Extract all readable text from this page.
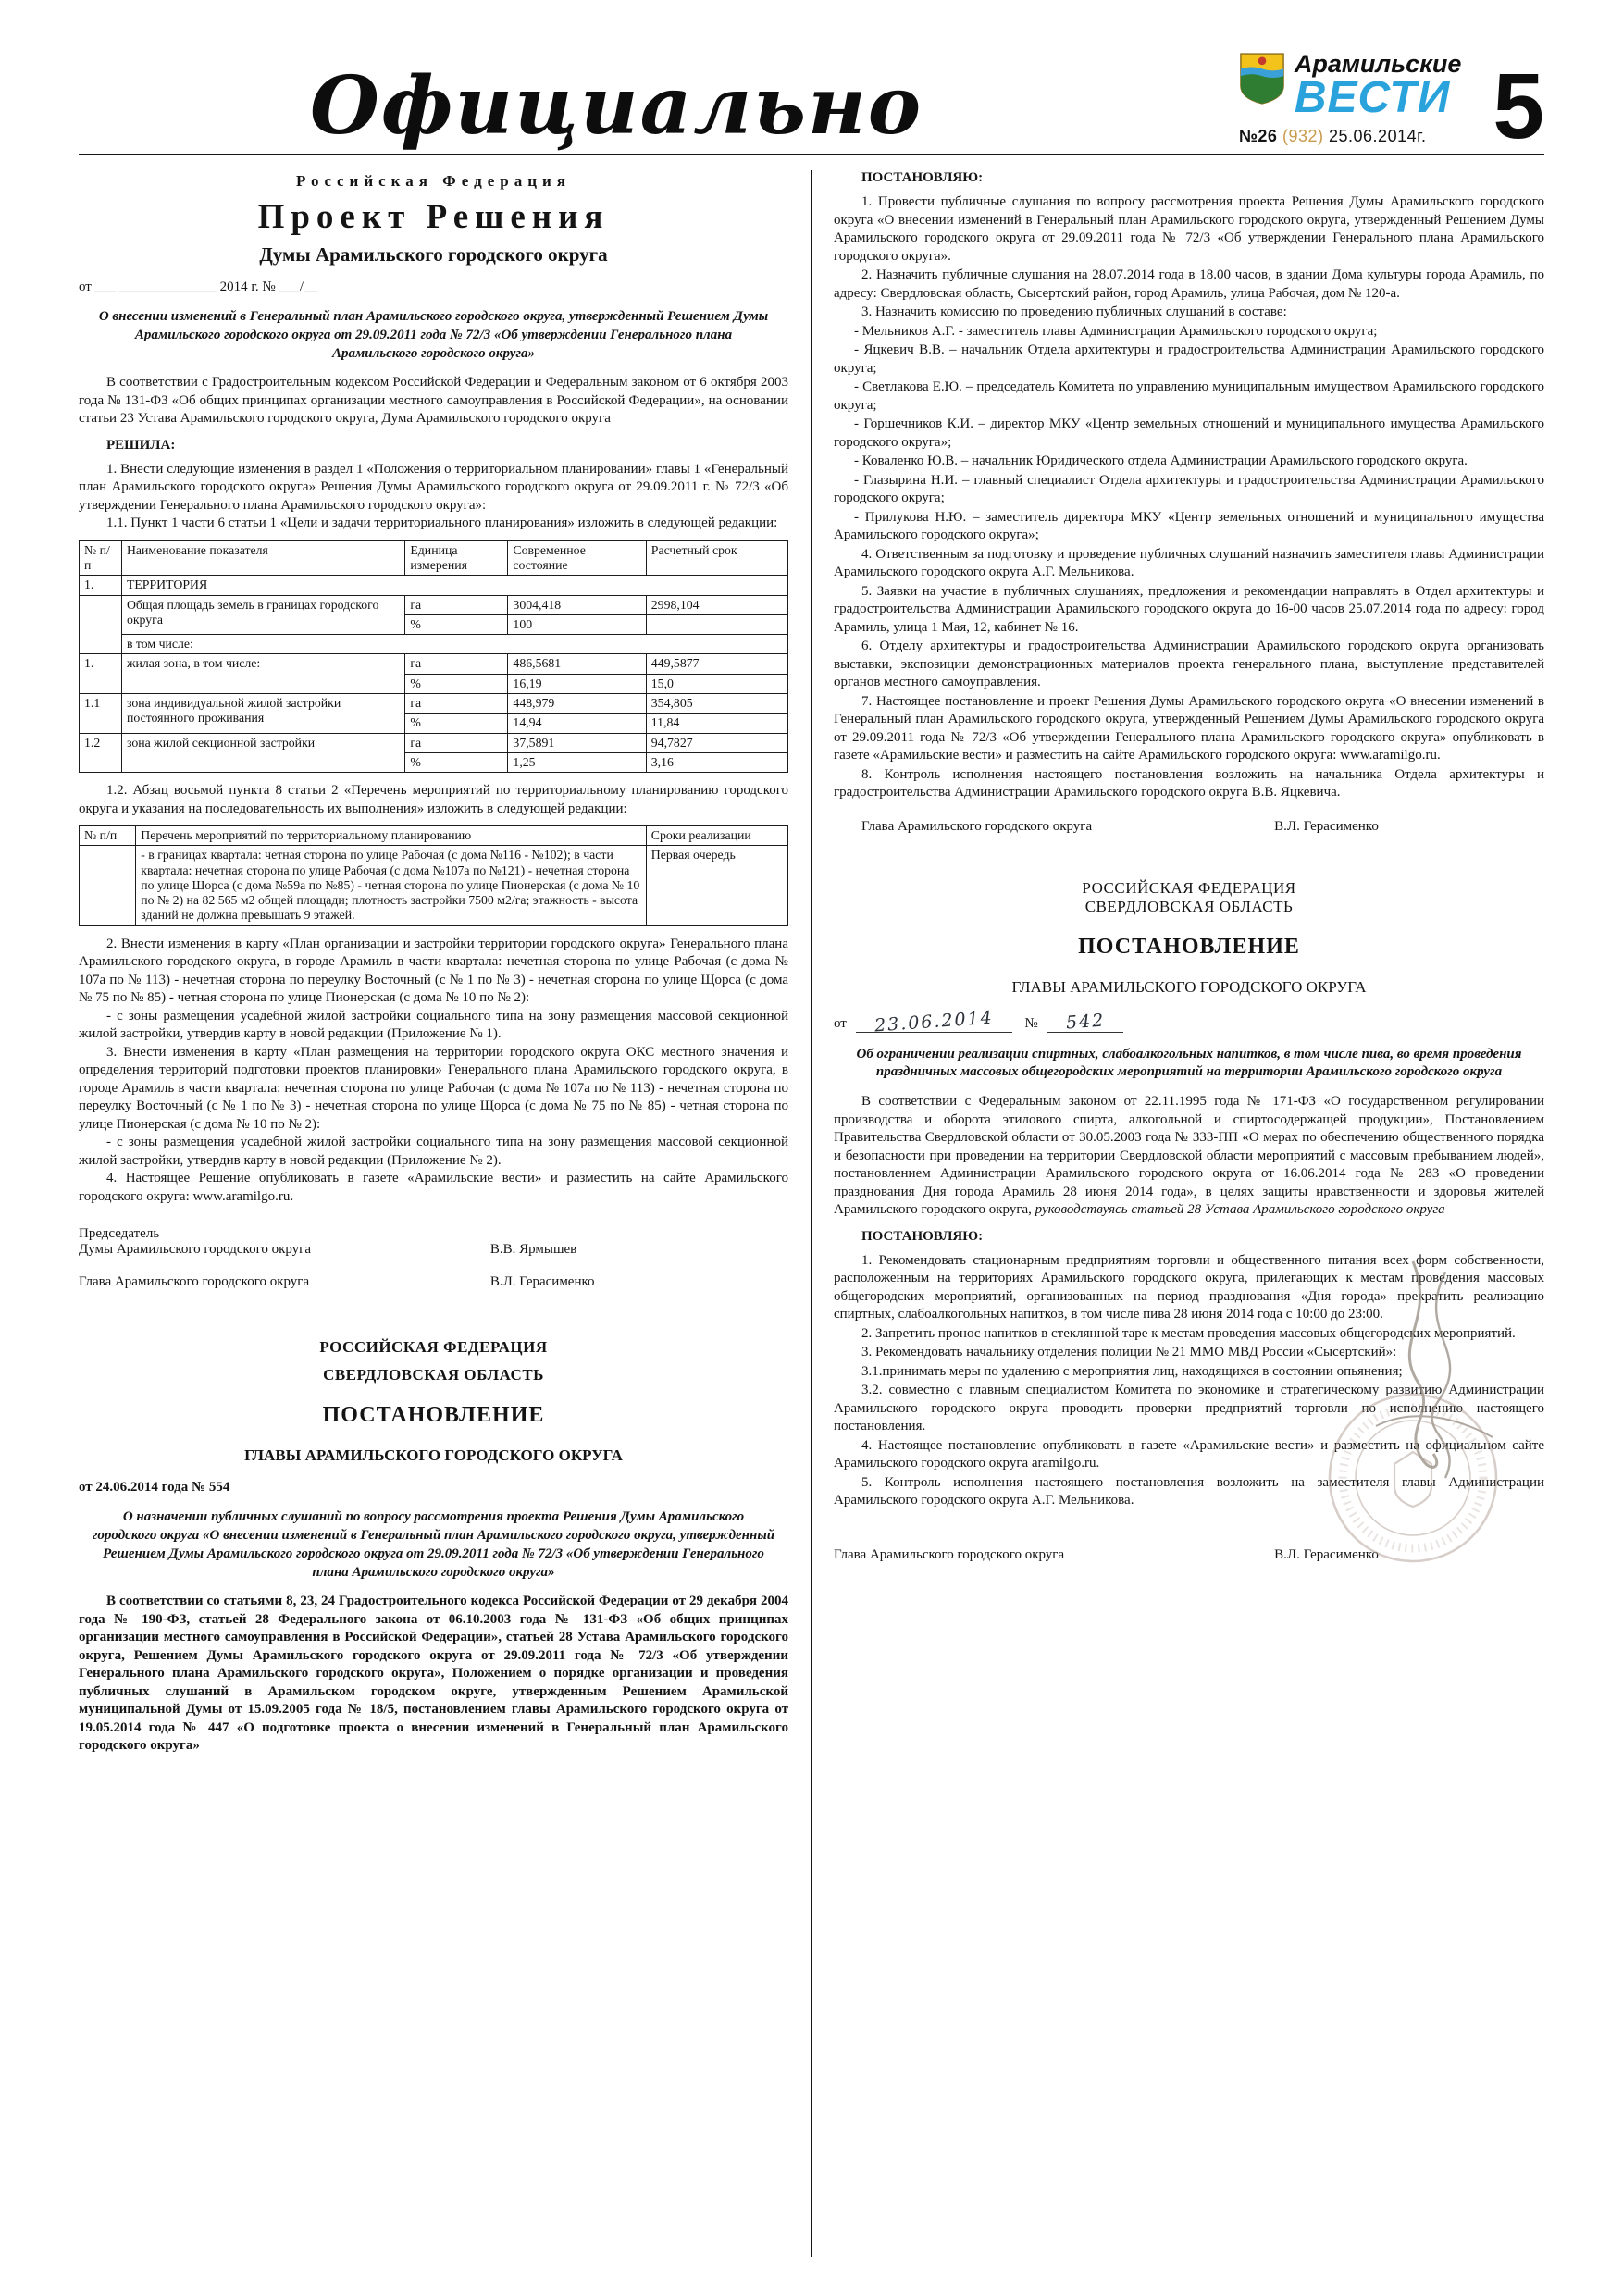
Официально	Арамильские
ВЕСТИ
№26 (932) 25.06.2014г. 5
Российская Федерация
Проект Решения
Думы Арамильского городского округа
от ___ ______________ 2014 г. № ___/__

О внесении изменений в Генеральный план Арамильского городского округа, утвержденный Решением Думы Арамильского городского округа от 29.09.2011 года № 72/3 «Об утверждении Генерального плана Арамильского городского округа»

В соответствии с Градостроительным кодексом Российской Федерации и Федеральным законом от 6 октября 2003 года № 131-ФЗ «Об общих принципах организации местного самоуправления в Российской Федерации», на основании статьи 23 Устава Арамильского городского округа, Дума Арамильского городского округа

РЕШИЛА:

1. Внести следующие изменения в раздел 1 «Положения о территориальном планировании» главы 1 «Генеральный план Арамильского городского округа» Решения Думы Арамильского городского округа от 29.09.2011 г. № 72/3 «Об утверждении Генерального плана Арамильского городского округа»:

1.1. Пункт 1 части 6 статьи 1 «Цели и задачи территориального планирования» изложить в следующей редакции:

№ п/п	Наименование показателя	Единица измерения	Современное состояние	Расчетный срок
1.	ТЕРРИТОРИЯ			
	Общая площадь земель в границах городского округа	га	3004,418	2998,104
		%	100	
	в том числе:			
1.	жилая зона, в том числе:	га	486,5681	449,5877
		%	16,19	15,0
1.1	зона индивидуальной жилой застройки постоянного проживания	га	448,979	354,805
		%	14,94	11,84
1.2	зона жилой секционной застройки	га	37,5891	94,7827
		%	1,25	3,16

1.2. Абзац восьмой пункта 8 статьи 2 «Перечень мероприятий по территориальному планированию городского округа и указания на последовательность их выполнения» изложить в следующей редакции:

№ п/п	Перечень мероприятий по территориальному планированию	Сроки реализации
	- в границах квартала: четная сторона по улице Рабочая (с дома №116 - №102); в части квартала: нечетная сторона по улице Рабочая (с дома №107а по №121) - нечетная сторона по улице Щорса (с дома №59а по №85) - четная сторона по улице Пионерская (с дома № 10 по № 2) на 82 565 м2 общей площади; плотность застройки 7500 м2/га; этажность - высота зданий не должна превышать 9 этажей.	Первая очередь

2. Внести изменения в карту «План организации и застройки территории городского округа» Генерального плана Арамильского городского округа, в городе Арамиль в части квартала: нечетная сторона по улице Рабочая (с дома № 107а по № 113) - нечетная сторона по переулку Восточный (с № 1 по № 3) - нечетная сторона по улице Щорса (с дома № 75 по № 85) - четная сторона по улице Пионерская (с дома № 10 по № 2):

- с зоны размещения усадебной жилой застройки социального типа на зону размещения массовой секционной жилой застройки, утвердив карту в новой редакции (Приложение № 1).

3. Внести изменения в карту «План размещения на территории городского округа ОКС местного значения и определения территорий подготовки проектов планировки» Генерального плана Арамильского городского округа, в городе Арамиль в части квартала: нечетная сторона по улице Рабочая (с дома № 107а по № 113) - нечетная сторона по переулку Восточный (с № 1 по № 3) - нечетная сторона по улице Щорса (с дома № 75 по № 85) - четная сторона по улице Пионерская (с дома № 10 по № 2):

- с зоны размещения усадебной жилой застройки социального типа на зону размещения массовой секционной жилой застройки, утвердив карту в новой редакции (Приложение № 2).

4. Настоящее Решение опубликовать в газете «Арамильские вести» и разместить на сайте Арамильского городского округа: www.aramilgo.ru.

Председатель
Думы Арамильского городского округа	В.В. Ярмышев
Глава Арамильского городского округа	В.Л. Герасименко
РОССИЙСКАЯ ФЕДЕРАЦИЯ
СВЕРДЛОВСКАЯ ОБЛАСТЬ
ПОСТАНОВЛЕНИЕ
ГЛАВЫ АРАМИЛЬСКОГО ГОРОДСКОГО ОКРУГА
от 24.06.2014 года № 554

О назначении публичных слушаний по вопросу рассмотрения проекта Решения Думы Арамильского городского округа «О внесении изменений в Генеральный план Арамильского городского округа, утвержденный Решением Думы Арамильского городского округа от 29.09.2011 года № 72/3 «Об утверждении Генерального плана Арамильского городского округа»

В соответствии со статьями 8, 23, 24 Градостроительного кодекса Российской Федерации от 29 декабря 2004 года № 190-ФЗ, статьей 28 Федерального закона от 06.10.2003 года № 131-ФЗ «Об общих принципах организации местного самоуправления в Российской Федерации», статьей 28 Устава Арамильского городского округа, Решением Думы Арамильского городского округа от 29.09.2011 года № 72/3 «Об утверждении Генерального плана Арамильского городского округа», Положением о порядке организации и проведения публичных слушаний в Арамильском городском округе, утвержденным Решением Арамильской муниципальной Думы от 15.09.2005 года № 18/5, постановлением главы Арамильского городского округа от 19.05.2014 года № 447 «О подготовке проекта о внесении изменений в Генеральный план Арамильского городского округа»

ПОСТАНОВЛЯЮ:

1. Провести публичные слушания по вопросу рассмотрения проекта Решения Думы Арамильского городского округа «О внесении изменений в Генеральный план Арамильского городского округа, утвержденный Решением Думы Арамильского городского округа от 29.09.2011 года № 72/3 «Об утверждении Генерального плана Арамильского городского округа».

2. Назначить публичные слушания на 28.07.2014 года в 18.00 часов, в здании Дома культуры города Арамиль, по адресу: Свердловская область, Сысертский район, город Арамиль, улица Рабочая, дом № 120-а.

3. Назначить комиссию по проведению публичных слушаний в составе:

- Мельников А.Г. - заместитель главы Администрации Арамильского городского округа;

- Яцкевич В.В. – начальник Отдела архитектуры и градостроительства Администрации Арамильского городского округа;

- Светлакова Е.Ю. – председатель Комитета по управлению муниципальным имуществом Арамильского городского округа;

- Горшечников К.И. – директор МКУ «Центр земельных отношений и муниципального имущества Арамильского городского округа»;

- Коваленко Ю.В. – начальник Юридического отдела Администрации Арамильского городского округа.

- Глазырина Н.И. – главный специалист Отдела архитектуры и градостроительства Администрации Арамильского городского округа;

- Прилукова Н.Ю. – заместитель директора МКУ «Центр земельных отношений и муниципального имущества Арамильского городского округа»;

4. Ответственным за подготовку и проведение публичных слушаний назначить заместителя главы Администрации Арамильского городского округа А.Г. Мельникова.

5. Заявки на участие в публичных слушаниях, предложения и рекомендации направлять в Отдел архитектуры и градостроительства Администрации Арамильского городского округа до 16-00 часов 25.07.2014 года по адресу: город Арамиль, улица 1 Мая, 12, кабинет № 16.

6. Отделу архитектуры и градостроительства Администрации Арамильского городского округа организовать выставки, экспозиции демонстрационных материалов проекта генерального плана, выступление представителей органов местного самоуправления.

7. Настоящее постановление и проект Решения Думы Арамильского городского округа «О внесении изменений в Генеральный план Арамильского городского округа, утвержденный Решением Думы Арамильского городского округа от 29.09.2011 года № 72/3 «Об утверждении Генерального плана Арамильского городского округа» опубликовать в газете «Арамильские вести» и разместить на сайте Арамильского городского округа: www.aramilgo.ru.

8. Контроль исполнения настоящего постановления возложить на начальника Отдела архитектуры и градостроительства Администрации Арамильского городского округа В.В. Яцкевича.

Глава Арамильского городского округа	В.Л. Герасименко
РОССИЙСКАЯ ФЕДЕРАЦИЯ
СВЕРДЛОВСКАЯ ОБЛАСТЬ
ПОСТАНОВЛЕНИЕ
ГЛАВЫ АРАМИЛЬСКОГО ГОРОДСКОГО ОКРУГА
от 23.06.2014 № 542

Об ограничении реализации спиртных, слабоалкогольных напитков, в том числе пива, во время проведения праздничных массовых общегородских мероприятий на территории Арамильского городского округа

В соответствии с Федеральным законом от 22.11.1995 года № 171-ФЗ «О государственном регулировании производства и оборота этилового спирта, алкогольной и спиртосодержащей продукции», Постановлением Правительства Свердловской области от 30.05.2003 года № 333-ПП «О мерах по обеспечению общественного порядка и безопасности при проведении на территории Свердловской области мероприятий с массовым пребыванием людей», постановлением Администрации Арамильского городского округа от 16.06.2014 года № 283 «О проведении празднования Дня города Арамиль 28 июня 2014 года», в целях защиты нравственности и здоровья жителей Арамильского городского округа, руководствуясь статьей 28 Устава Арамильского городского округа

ПОСТАНОВЛЯЮ:

1. Рекомендовать стационарным предприятиям торговли и общественного питания всех форм собственности, расположенным на территориях Арамильского городского округа, прилегающих к местам проведения массовых общегородских мероприятий, организованных на период празднования «Дня города» прекратить реализацию спиртных, слабоалкогольных напитков, в том числе пива 28 июня 2014 года с 10:00 до 23:00.

2. Запретить пронос напитков в стеклянной таре к местам проведения массовых общегородских мероприятий.

3. Рекомендовать начальнику отделения полиции № 21 ММО МВД России «Сысертский»:

3.1.принимать меры по удалению с мероприятия лиц, находящихся в состоянии опьянения;

3.2. совместно с главным специалистом Комитета по экономике и стратегическому развитию Администрации Арамильского городского округа проводить проверки предприятий торговли по исполнению настоящего постановления.

4. Настоящее постановление опубликовать в газете «Арамильские вести» и разместить на официальном сайте Арамильского городского округа aramilgo.ru.

5. Контроль исполнения настоящего постановления возложить на заместителя главы Администрации Арамильского городского округа А.Г. Мельникова.

Глава Арамильского городского округа	В.Л. Герасименко
